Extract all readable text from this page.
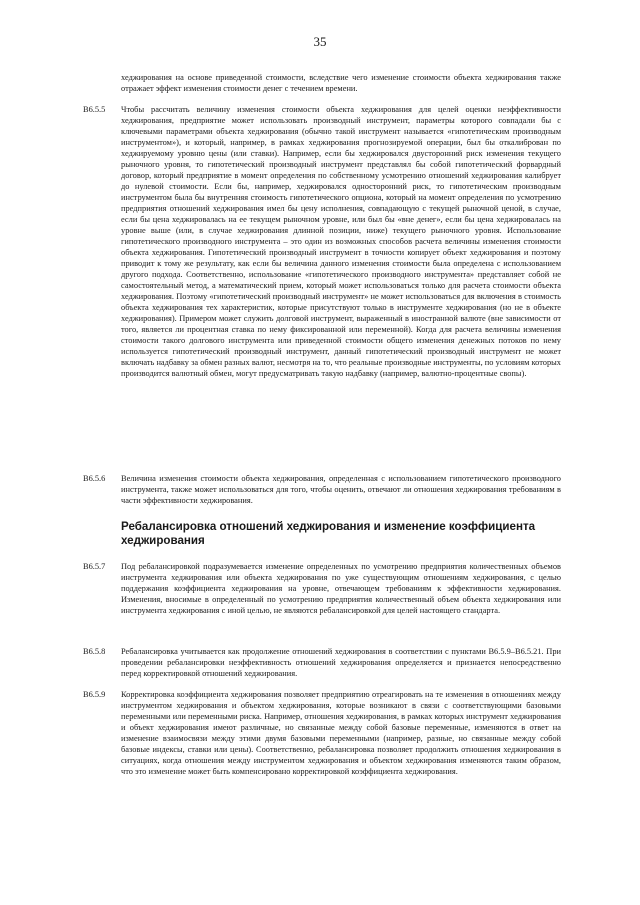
35
хеджирования на основе приведенной стоимости, вследствие чего изменение стоимости объекта хеджирования также отражает эффект изменения стоимости денег с течением времени.
B6.5.5	Чтобы рассчитать величину изменения стоимости объекта хеджирования для целей оценки неэффективности хеджирования, предприятие может использовать производный инструмент, параметры которого совпадали бы с ключевыми параметрами объекта хеджирования (обычно такой инструмент называется «гипотетическим производным инструментом»), и который, например, в рамках хеджирования прогнозируемой операции, был бы откалиброван по хеджируемому уровню цены (или ставки). Например, если бы хеджировался двусторонний риск изменения текущего рыночного уровня, то гипотетический производный инструмент представлял бы собой гипотетический форвардный договор, который предприятие в момент определения по собственному усмотрению отношений хеджирования калибрует до нулевой стоимости. Если бы, например, хеджировался односторонний риск, то гипотетическим производным инструментом была бы внутренняя стоимость гипотетического опциона, который на момент определения по усмотрению предприятия отношений хеджирования имел бы цену исполнения, совпадающую с текущей рыночной ценой, в случае, если бы цена хеджировалась на ее текущем рыночном уровне, или был бы «вне денег», если бы цена хеджировалась на уровне выше (или, в случае хеджирования длинной позиции, ниже) текущего рыночного уровня. Использование гипотетического производного инструмента – это один из возможных способов расчета величины изменения стоимости объекта хеджирования. Гипотетический производный инструмент в точности копирует объект хеджирования и поэтому приводит к тому же результату, как если бы величина данного изменения стоимости была определена с использованием другого подхода. Соответственно, использование «гипотетического производного инструмента» представляет собой не самостоятельный метод, а математический прием, который может использоваться только для расчета стоимости объекта хеджирования. Поэтому «гипотетический производный инструмент» не может использоваться для включения в стоимость объекта хеджирования тех характеристик, которые присутствуют только в инструменте хеджирования (но не в объекте хеджирования). Примером может служить долговой инструмент, выраженный в иностранной валюте (вне зависимости от того, является ли процентная ставка по нему фиксированной или переменной). Когда для расчета величины изменения стоимости такого долгового инструмента или приведенной стоимости общего изменения денежных потоков по нему используется гипотетический производный инструмент, данный гипотетический производный инструмент не может включать надбавку за обмен разных валют, несмотря на то, что реальные производные инструменты, по условиям которых производится валютный обмен, могут предусматривать такую надбавку (например, валютно-процентные свопы).
B6.5.6	Величина изменения стоимости объекта хеджирования, определенная с использованием гипотетического производного инструмента, также может использоваться для того, чтобы оценить, отвечают ли отношения хеджирования требованиям в части эффективности хеджирования.
Ребалансировка отношений хеджирования и изменение коэффициента хеджирования
B6.5.7	Под ребалансировкой подразумевается изменение определенных по усмотрению предприятия количественных объемов инструмента хеджирования или объекта хеджирования по уже существующим отношениям хеджирования, с целью поддержания коэффициента хеджирования на уровне, отвечающем требованиям к эффективности хеджирования. Изменения, вносимые в определенный по усмотрению предприятия количественный объем объекта хеджирования или инструмента хеджирования с иной целью, не являются ребалансировкой для целей настоящего стандарта.
B6.5.8	Ребалансировка учитывается как продолжение отношений хеджирования в соответствии с пунктами B6.5.9–B6.5.21. При проведении ребалансировки неэффективность отношений хеджирования определяется и признается непосредственно перед корректировкой отношений хеджирования.
B6.5.9	Корректировка коэффициента хеджирования позволяет предприятию отреагировать на те изменения в отношениях между инструментом хеджирования и объектом хеджирования, которые возникают в связи с соответствующими базовыми переменными или переменными риска. Например, отношения хеджирования, в рамках которых инструмент хеджирования и объект хеджирования имеют различные, но связанные между собой базовые переменные, изменяются в ответ на изменение взаимосвязи между этими двумя базовыми переменными (например, разные, но связанные между собой базовые индексы, ставки или цены). Соответственно, ребалансировка позволяет продолжить отношения хеджирования в ситуациях, когда отношения между инструментом хеджирования и объектом хеджирования изменяются таким образом, что это изменение может быть компенсировано корректировкой коэффициента хеджирования.
